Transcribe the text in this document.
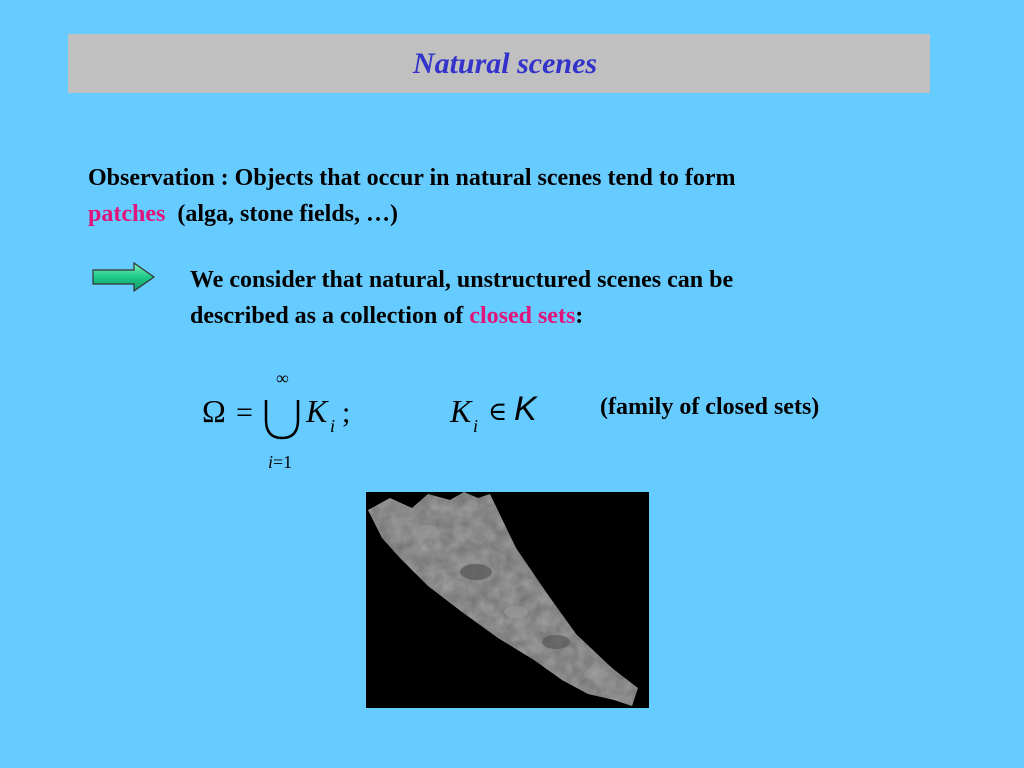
Natural scenes
Observation : Objects that occur in natural scenes tend to form
patches (alga, stone fields, …)
We consider that natural, unstructured scenes can be
described as a collection of closed sets:
Ω =
∞
i=1
K i ;	K i ∈ K	(family of closed sets)
